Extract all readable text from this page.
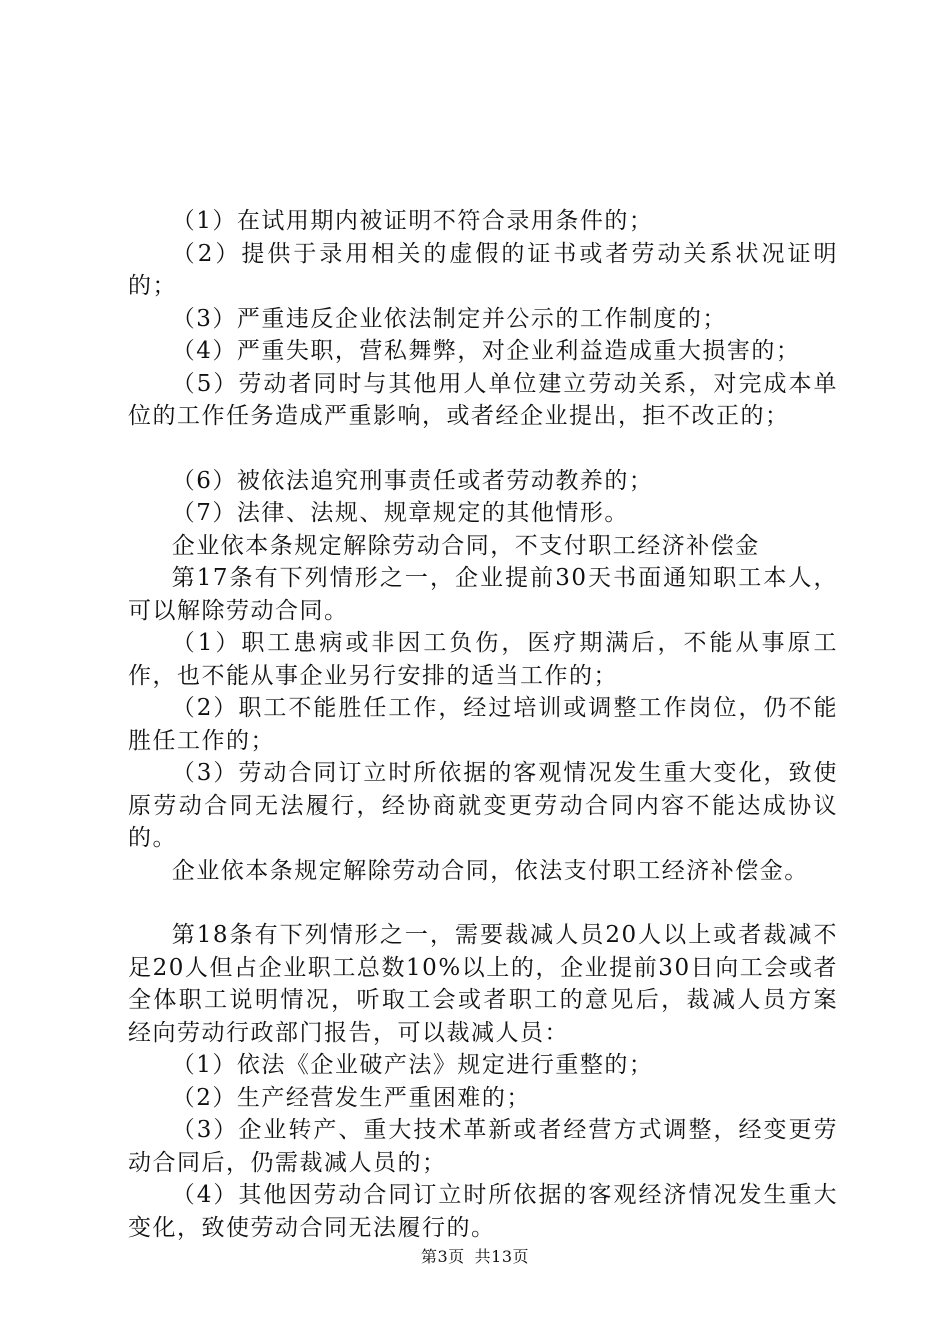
（1）在试用期内被证明不符合录用条件的；

（2）提供于录用相关的虚假的证书或者劳动关系状况证明的；

（3）严重违反企业依法制定并公示的工作制度的；

（4）严重失职，营私舞弊，对企业利益造成重大损害的；

（5）劳动者同时与其他用人单位建立劳动关系，对完成本单位的工作任务造成严重影响，或者经企业提出，拒不改正的；

（6）被依法追究刑事责任或者劳动教养的；

（7）法律、法规、规章规定的其他情形。

企业依本条规定解除劳动合同，不支付职工经济补偿金

第17条有下列情形之一，企业提前30天书面通知职工本人，可以解除劳动合同。

（1）职工患病或非因工负伤，医疗期满后，不能从事原工作，也不能从事企业另行安排的适当工作的；

（2）职工不能胜任工作，经过培训或调整工作岗位，仍不能胜任工作的；

（3）劳动合同订立时所依据的客观情况发生重大变化，致使原劳动合同无法履行，经协商就变更劳动合同内容不能达成协议的。

企业依本条规定解除劳动合同，依法支付职工经济补偿金。

第18条有下列情形之一，需要裁减人员20人以上或者裁减不足20人但占企业职工总数10%以上的，企业提前30日向工会或者全体职工说明情况，听取工会或者职工的意见后，裁减人员方案经向劳动行政部门报告，可以裁减人员：

（1）依法《企业破产法》规定进行重整的；

（2）生产经营发生严重困难的；

（3）企业转产、重大技术革新或者经营方式调整，经变更劳动合同后，仍需裁减人员的；

（4）其他因劳动合同订立时所依据的客观经济情况发生重大变化，致使劳动合同无法履行的。

第3页 共13页
